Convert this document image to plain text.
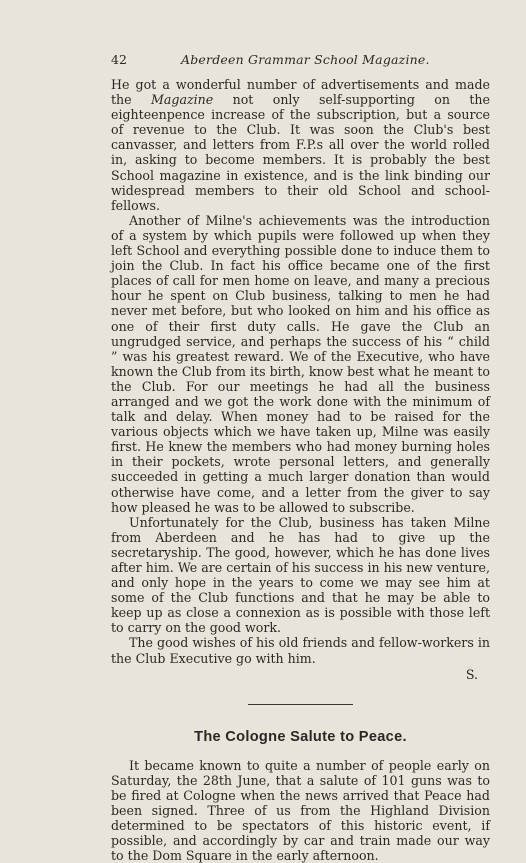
42	Aberdeen Grammar School Magazine.

He got a wonderful number of advertisements and made the Magazine not only self-supporting on the eighteenpence increase of the subscription, but a source of revenue to the Club. It was soon the Club's best canvasser, and letters from F.P.s all over the world rolled in, asking to become members. It is probably the best School magazine in existence, and is the link binding our widespread members to their old School and school-fellows.

Another of Milne's achievements was the introduction of a system by which pupils were followed up when they left School and everything possible done to induce them to join the Club. In fact his office became one of the first places of call for men home on leave, and many a precious hour he spent on Club business, talking to men he had never met before, but who looked on him and his office as one of their first duty calls. He gave the Club an ungrudged service, and perhaps the success of his “ child ” was his greatest reward. We of the Executive, who have known the Club from its birth, know best what he meant to the Club. For our meetings he had all the business arranged and we got the work done with the minimum of talk and delay. When money had to be raised for the various objects which we have taken up, Milne was easily first. He knew the members who had money burning holes in their pockets, wrote personal letters, and generally succeeded in getting a much larger donation than would otherwise have come, and a letter from the giver to say how pleased he was to be allowed to subscribe.

Unfortunately for the Club, business has taken Milne from Aberdeen and he has had to give up the secretaryship. The good, however, which he has done lives after him. We are certain of his success in his new venture, and only hope in the years to come we may see him at some of the Club functions and that he may be able to keep up as close a connexion as is possible with those left to carry on the good work.

The good wishes of his old friends and fellow-workers in the Club Executive go with him.

S.
The Cologne Salute to Peace.

It became known to quite a number of people early on Saturday, the 28th June, that a salute of 101 guns was to be fired at Cologne when the news arrived that Peace had been signed. Three of us from the Highland Division determined to be spectators of this historic event, if possible, and accordingly by car and train made our way to the Dom Square in the early afternoon.
